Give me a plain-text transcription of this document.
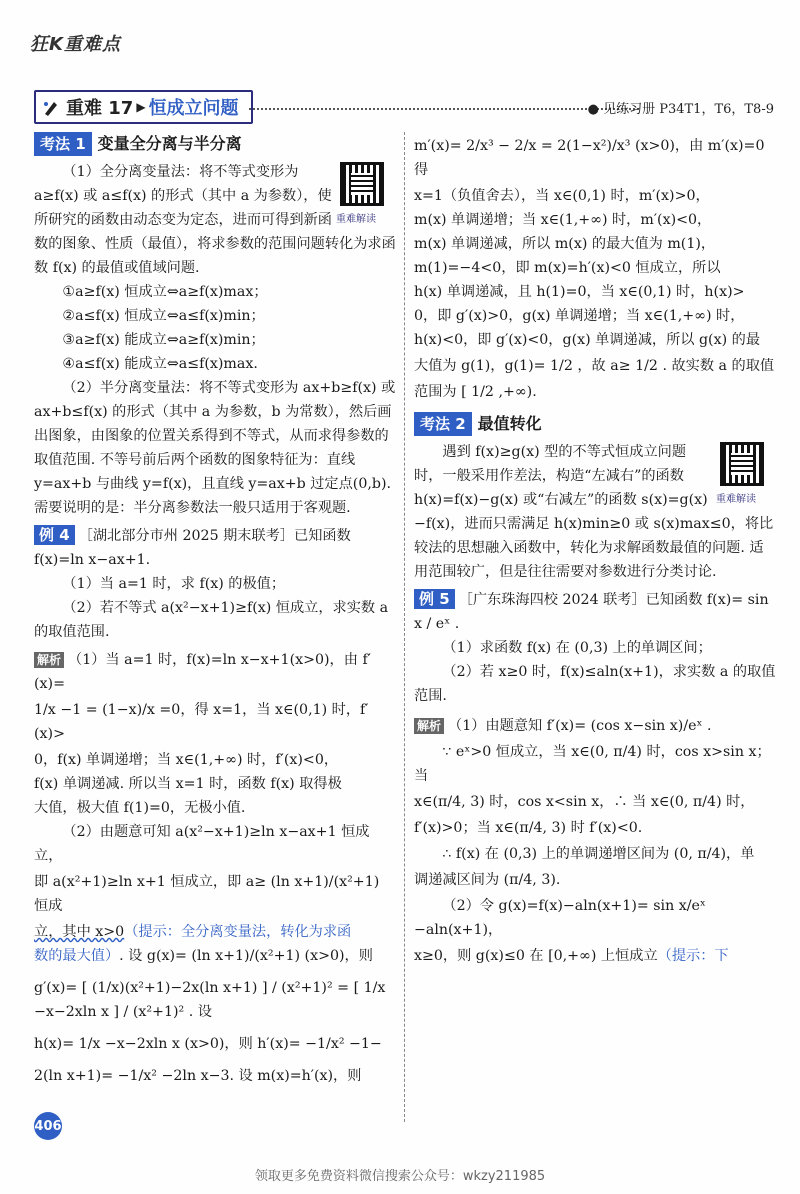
狂K重难点
重难 17 ▶ 恒成立问题	● 见练习册 P34T1，T6，T8-9
考法 1 变量全分离与半分离
重难解读

（1）全分离变量法：将不等式变形为 a≥f(x) 或 a≤f(x) 的形式（其中 a 为参数），使所研究的函数由动态变为定态，进而可得到新函数的图象、性质（最值），将求参数的范围问题转化为求函数 f(x) 的最值或值域问题.

①a≥f(x) 恒成立⇔a≥f(x)max；

②a≤f(x) 恒成立⇔a≤f(x)min；

③a≥f(x) 能成立⇔a≥f(x)min；

④a≤f(x) 能成立⇔a≤f(x)max.

（2）半分离变量法：将不等式变形为 ax+b≥f(x) 或 ax+b≤f(x) 的形式（其中 a 为参数，b 为常数），然后画出图象，由图象的位置关系得到不等式，从而求得参数的取值范围. 不等号前后两个函数的图象特征为：直线 y=ax+b 与曲线 y=f(x)，且直线 y=ax+b 过定点(0,b). 需要说明的是：半分离参数法一般只适用于客观题.

例 4 ［湖北部分市州 2025 期末联考］已知函数 f(x)=ln x−ax+1.

（1）当 a=1 时，求 f(x) 的极值；

（2）若不等式 a(x²−x+1)≥f(x) 恒成立，求实数 a 的取值范围.

解析 （1）当 a=1 时，f(x)=ln x−x+1(x>0)，由 f′(x)=

1/x −1 = (1−x)/x =0，得 x=1，当 x∈(0,1) 时，f′(x)>

0，f(x) 单调递增；当 x∈(1,+∞) 时，f′(x)<0，

f(x) 单调递减. 所以当 x=1 时，函数 f(x) 取得极

大值，极大值 f(1)=0，无极小值.

（2）由题意可知 a(x²−x+1)≥ln x−ax+1 恒成立，

即 a(x²+1)≥ln x+1 恒成立，即 a≥ (ln x+1)/(x²+1) 恒成

立，其中 x>0（提示：全分离变量法，转化为求函

数的最大值）. 设 g(x)= (ln x+1)/(x²+1) (x>0)，则

g′(x)= [ (1/x)(x²+1)−2x(ln x+1) ] / (x²+1)² = [ 1/x −x−2xln x ] / (x²+1)² . 设

h(x)= 1/x −x−2xln x (x>0)，则 h′(x)= −1/x² −1−

2(ln x+1)= −1/x² −2ln x−3. 设 m(x)=h′(x)，则

m′(x)= 2/x³ − 2/x = 2(1−x²)/x³ (x>0)，由 m′(x)=0 得

x=1（负值舍去），当 x∈(0,1) 时，m′(x)>0，

m(x) 单调递增；当 x∈(1,+∞) 时，m′(x)<0，

m(x) 单调递减，所以 m(x) 的最大值为 m(1)，

m(1)=−4<0，即 m(x)=h′(x)<0 恒成立，所以

h(x) 单调递减，且 h(1)=0，当 x∈(0,1) 时，h(x)>

0，即 g′(x)>0，g(x) 单调递增；当 x∈(1,+∞) 时，

h(x)<0，即 g′(x)<0，g(x) 单调递减，所以 g(x) 的最

大值为 g(1)，g(1)= 1/2 ，故 a≥ 1/2 . 故实数 a 的取值

范围为 [ 1/2 ,+∞).

考法 2 最值转化
重难解读

遇到 f(x)≥g(x) 型的不等式恒成立问题时，一般采用作差法，构造“左减右”的函数 h(x)=f(x)−g(x) 或“右减左”的函数 s(x)=g(x)−f(x)，进而只需满足 h(x)min≥0 或 s(x)max≤0，将比较法的思想融入函数中，转化为求解函数最值的问题. 适用范围较广，但是往往需要对参数进行分类讨论.

例 5 ［广东珠海四校 2024 联考］已知函数 f(x)= sin x / eˣ .

（1）求函数 f(x) 在 (0,3) 上的单调区间；

（2）若 x≥0 时，f(x)≤aln(x+1)，求实数 a 的取值范围.

解析 （1）由题意知 f′(x)= (cos x−sin x)/eˣ .

∵ eˣ>0 恒成立，当 x∈(0, π/4) 时，cos x>sin x；当

x∈(π/4, 3) 时，cos x<sin x，∴ 当 x∈(0, π/4) 时，

f′(x)>0；当 x∈(π/4, 3) 时 f′(x)<0.

∴ f(x) 在 (0,3) 上的单调递增区间为 (0, π/4)，单

调递减区间为 (π/4, 3).

（2）令 g(x)=f(x)−aln(x+1)= sin x/eˣ −aln(x+1)，

x≥0，则 g(x)≤0 在 [0,+∞) 上恒成立（提示：下

406
领取更多免费资料微信搜索公众号：wkzy211985
